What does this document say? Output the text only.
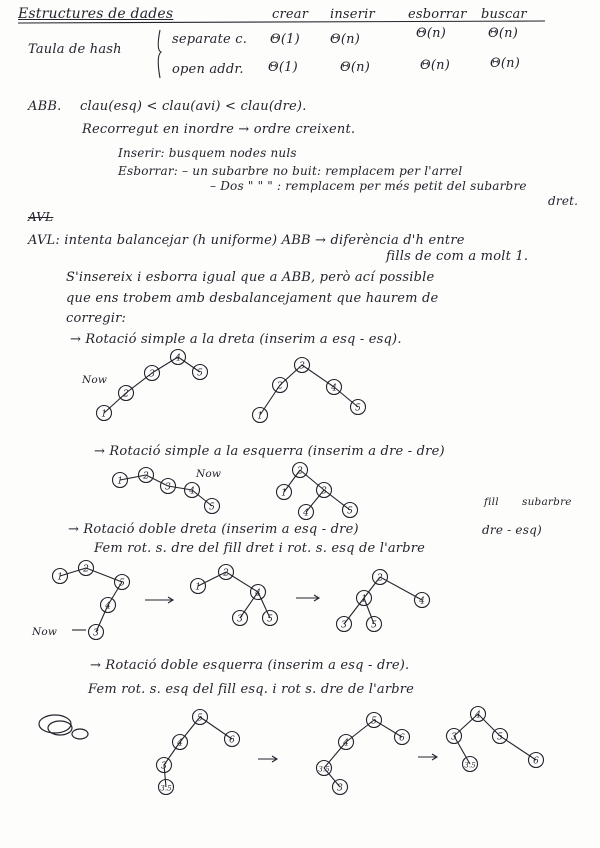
Estructures de dades	crear inserir	esborrar buscar
Taula de hash
separate c. Θ(1) Θ(n)	Θ(n)	Θ(n)
open addr. Θ(1)	Θ(n)	Θ(n)	Θ(n)
ABB. clau(esq) < clau(avi) < clau(dre).
Recorregut en inordre → ordre creixent.
Inserir: busquem nodes nuls
Esborrar: – un subarbre no buit: remplacem per l'arrel
– Dos " " " : remplacem per més petit del subarbre
dret.
AVL
AVL: intenta balancejar (h uniforme) ABB → diferència d'h entre
fills de com a molt 1.
S'insereix i esborra igual que a ABB, però ací possible
que ens trobem amb desbalancejament que haurem de
corregir:
→ Rotació simple a la dreta (inserim a esq - esq).
→ Rotació simple a la esquerra (inserim a dre - dre)
→ Rotació doble dreta (inserim a esq - dre)
Fem rot. s. dre del fill dret i rot. s. esq de l'arbre
→ Rotació doble esquerra (inserim a esq - dre).
Fem rot. s. esq del fill esq. i rot s. dre de l'arbre
Now
Now
Now
fill subarbre
dre - esq)
4
3
2
1
5
3
2	4
1
5
1 2
3 4
5
2
1	3
4	5
1
2
5
4
3
2
1
4
3	5
2
1	4
3	5
5
4	6
3
3.5
5
4	6
3.5
3
4
3	5
3.5	6
